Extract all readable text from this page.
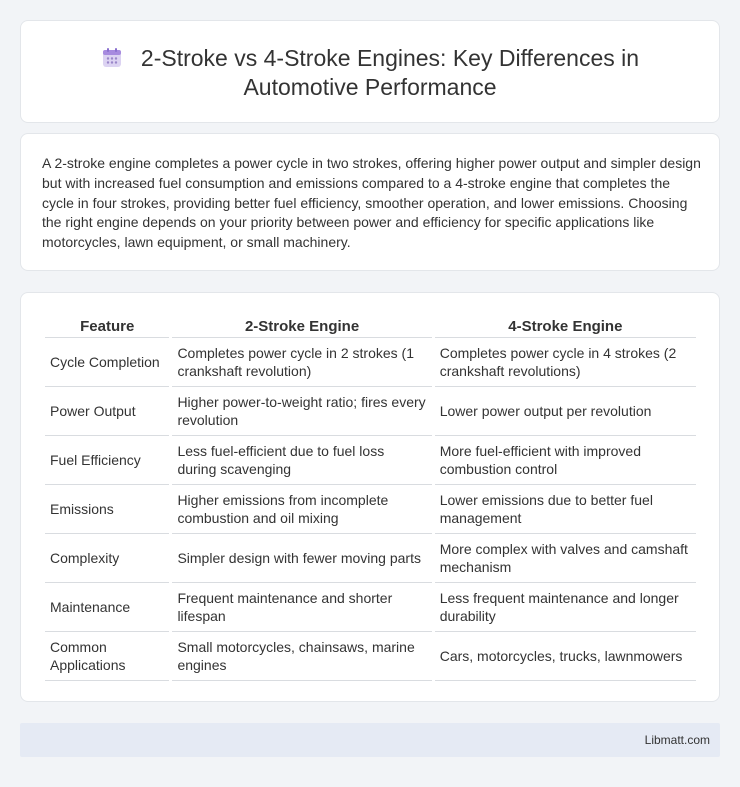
2-Stroke vs 4-Stroke Engines: Key Differences in
Automotive Performance

A 2-stroke engine completes a power cycle in two strokes, offering higher power output and simpler design but with increased fuel consumption and emissions compared to a 4-stroke engine that completes the cycle in four strokes, providing better fuel efficiency, smoother operation, and lower emissions. Choosing the right engine depends on your priority between power and efficiency for specific applications like motorcycles, lawn equipment, or small machinery.

Feature	2-Stroke Engine	4-Stroke Engine
Cycle Completion	Completes power cycle in 2 strokes (1 crankshaft revolution)	Completes power cycle in 4 strokes (2 crankshaft revolutions)
Power Output	Higher power-to-weight ratio; fires every revolution	Lower power output per revolution
Fuel Efficiency	Less fuel-efficient due to fuel loss during scavenging	More fuel-efficient with improved combustion control
Emissions	Higher emissions from incomplete combustion and oil mixing	Lower emissions due to better fuel management
Complexity	Simpler design with fewer moving parts	More complex with valves and camshaft mechanism
Maintenance	Frequent maintenance and shorter lifespan	Less frequent maintenance and longer durability
Common Applications	Small motorcycles, chainsaws, marine engines	Cars, motorcycles, trucks, lawnmowers
Libmatt.com
